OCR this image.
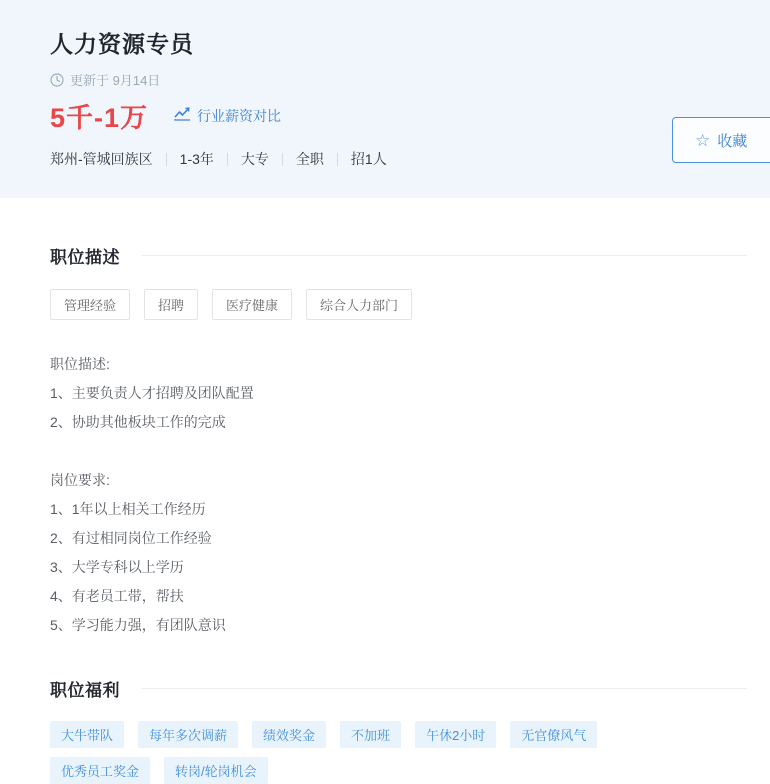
人力资源专员
更新于 9月14日
5千-1万	行业薪资对比
郑州-管城回族区 1-3年 大专 全职 招1人
☆ 收藏
职位描述
管理经验	招聘	医疗健康	综合人力部门
职位描述:
1、主要负责人才招聘及团队配置
2、协助其他板块工作的完成
岗位要求:
1、1年以上相关工作经历
2、有过相同岗位工作经验
3、大学专科以上学历
4、有老员工带，帮扶
5、学习能力强，有团队意识
职位福利
大牛带队	每年多次调薪	绩效奖金	不加班	午休2小时	无官僚风气
优秀员工奖金	转岗/轮岗机会
